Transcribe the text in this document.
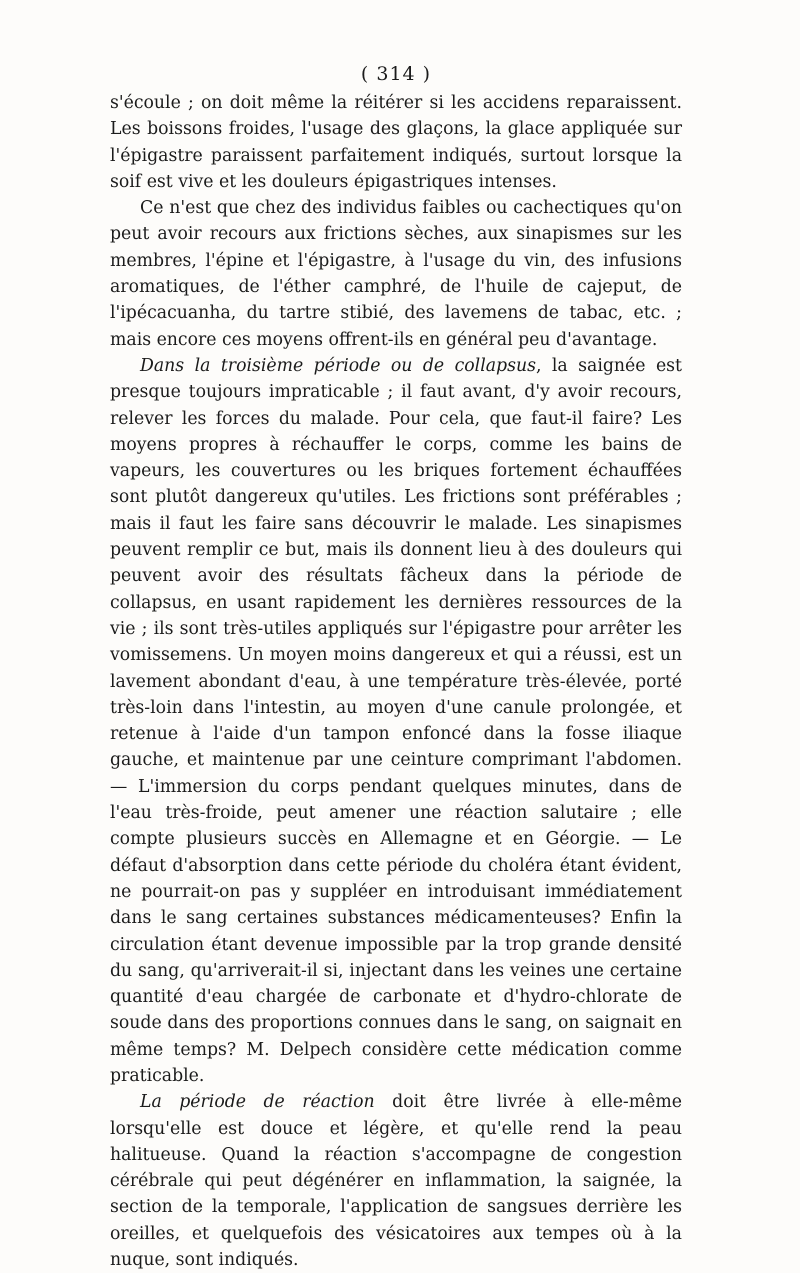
( 314 )

s'écoule ; on doit même la réitérer si les accidens reparaissent. Les boissons froides, l'usage des glaçons, la glace appliquée sur l'épigastre paraissent parfaitement indiqués, surtout lorsque la soif est vive et les douleurs épigastriques intenses.

Ce n'est que chez des individus faibles ou cachectiques qu'on peut avoir recours aux frictions sèches, aux sinapismes sur les membres, l'épine et l'épigastre, à l'usage du vin, des infusions aromatiques, de l'éther camphré, de l'huile de cajeput, de l'ipécacuanha, du tartre stibié, des lavemens de tabac, etc. ; mais encore ces moyens offrent-ils en général peu d'avantage.

Dans la troisième période ou de collapsus, la saignée est presque toujours impraticable ; il faut avant, d'y avoir recours, relever les forces du malade. Pour cela, que faut-il faire? Les moyens propres à réchauffer le corps, comme les bains de vapeurs, les couvertures ou les briques fortement échauffées sont plutôt dangereux qu'utiles. Les frictions sont préférables ; mais il faut les faire sans découvrir le malade. Les sinapismes peuvent remplir ce but, mais ils donnent lieu à des douleurs qui peuvent avoir des résultats fâcheux dans la période de collapsus, en usant rapidement les dernières ressources de la vie ; ils sont très-utiles appliqués sur l'épigastre pour arrêter les vomissemens. Un moyen moins dangereux et qui a réussi, est un lavement abondant d'eau, à une température très-élevée, porté très-loin dans l'intestin, au moyen d'une canule prolongée, et retenue à l'aide d'un tampon enfoncé dans la fosse iliaque gauche, et maintenue par une ceinture comprimant l'abdomen. — L'immersion du corps pendant quelques minutes, dans de l'eau très-froide, peut amener une réaction salutaire ; elle compte plusieurs succès en Allemagne et en Géorgie. — Le défaut d'absorption dans cette période du choléra étant évident, ne pourrait-on pas y suppléer en introduisant immédiatement dans le sang certaines substances médicamenteuses? Enfin la circulation étant devenue impossible par la trop grande densité du sang, qu'arriverait-il si, injectant dans les veines une certaine quantité d'eau chargée de carbonate et d'hydro-chlorate de soude dans des proportions connues dans le sang, on saignait en même temps? M. Delpech considère cette médication comme praticable.

La période de réaction doit être livrée à elle-même lorsqu'elle est douce et légère, et qu'elle rend la peau halitueuse. Quand la réaction s'accompagne de congestion cérébrale qui peut dégénérer en inflammation, la saignée, la section de la temporale, l'application de sangsues derrière les oreilles, et quelquefois des vésicatoires aux tempes où à la nuque, sont indiqués.
